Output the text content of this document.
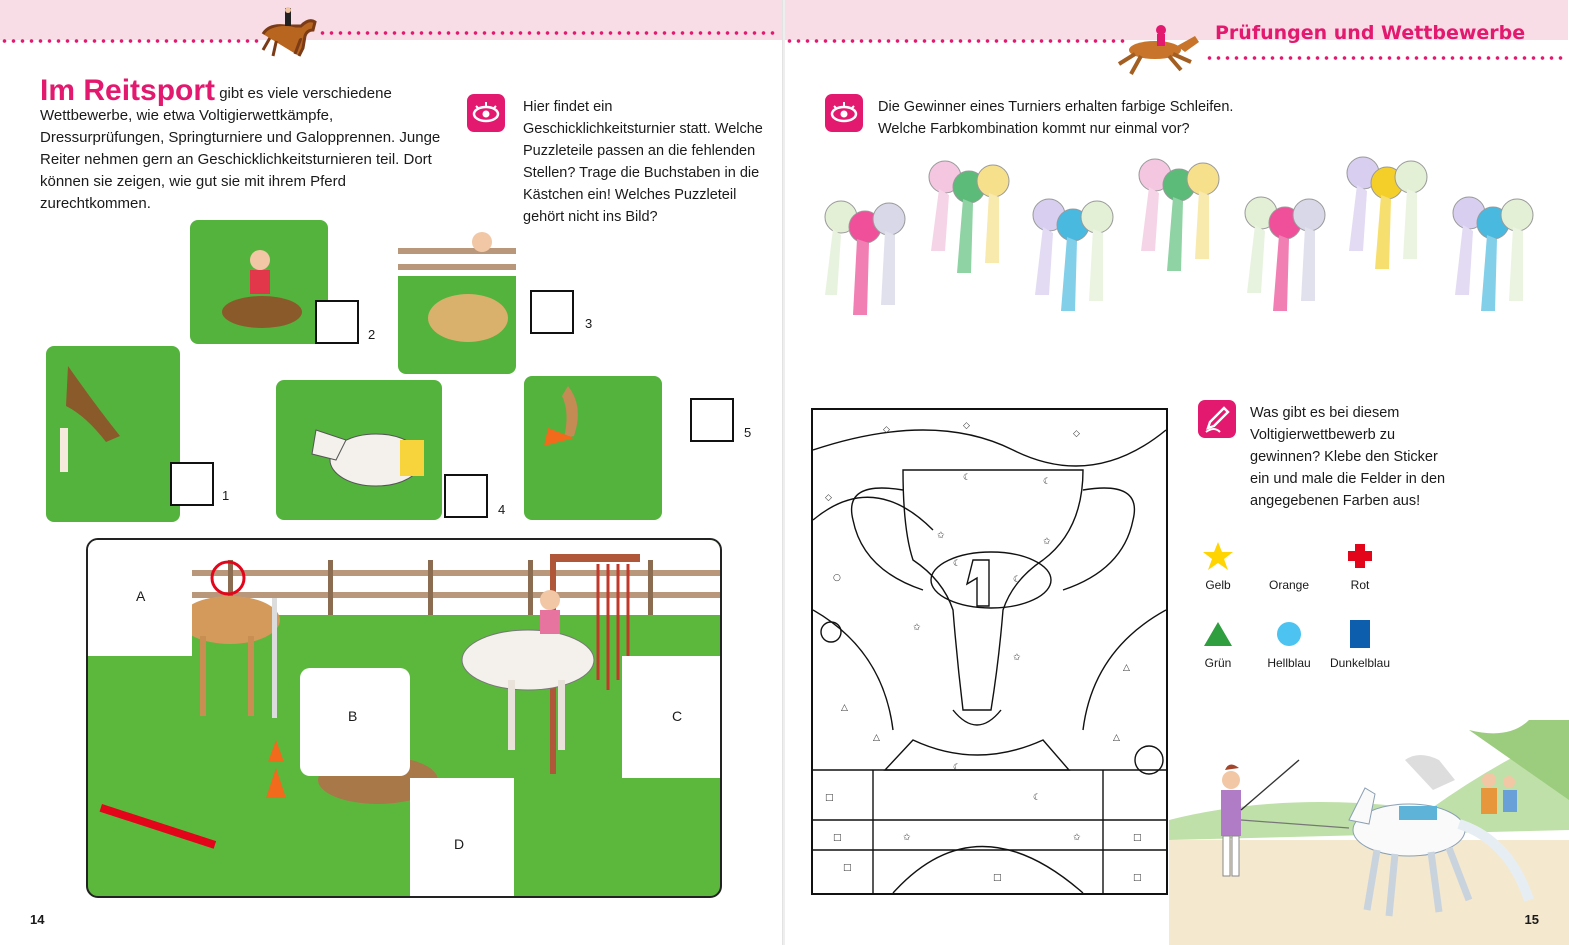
Im Reitsport gibt es viele verschiedene Wettbewerbe, wie etwa Voltigierwettkämpfe, Dressurprüfungen, Springturniere und Galopprennen. Junge Reiter nehmen gern an Geschicklichkeitsturnieren teil. Dort können sie zeigen, wie gut sie mit ihrem Pferd zurechtkommen.
Hier findet ein Geschicklichkeitsturnier statt. Welche Puzzleteile passen an die fehlenden Stellen? Trage die Buchstaben in die Kästchen ein! Welches Puzzleteil gehört nicht ins Bild?
2
3
1
4
5
A
B	C
D
14
Prüfungen und Wettbewerbe
Die Gewinner eines Turniers erhalten farbige Schleifen. Welche Farbkombination kommt nur einmal vor?
◇	◇
◇
◇
○
□
☾	☾
☾
☾
✩
✩
✩
✩
☾
☾
△
△
△
△
□	✩	✩	□
□
□	□
Was gibt es bei diesem Voltigierwettbewerb zu gewinnen? Klebe den Sticker ein und male die Felder in den angegebenen Farben aus!
Gelb	Orange	Rot
Grün	Hellblau	Dunkelblau
15
